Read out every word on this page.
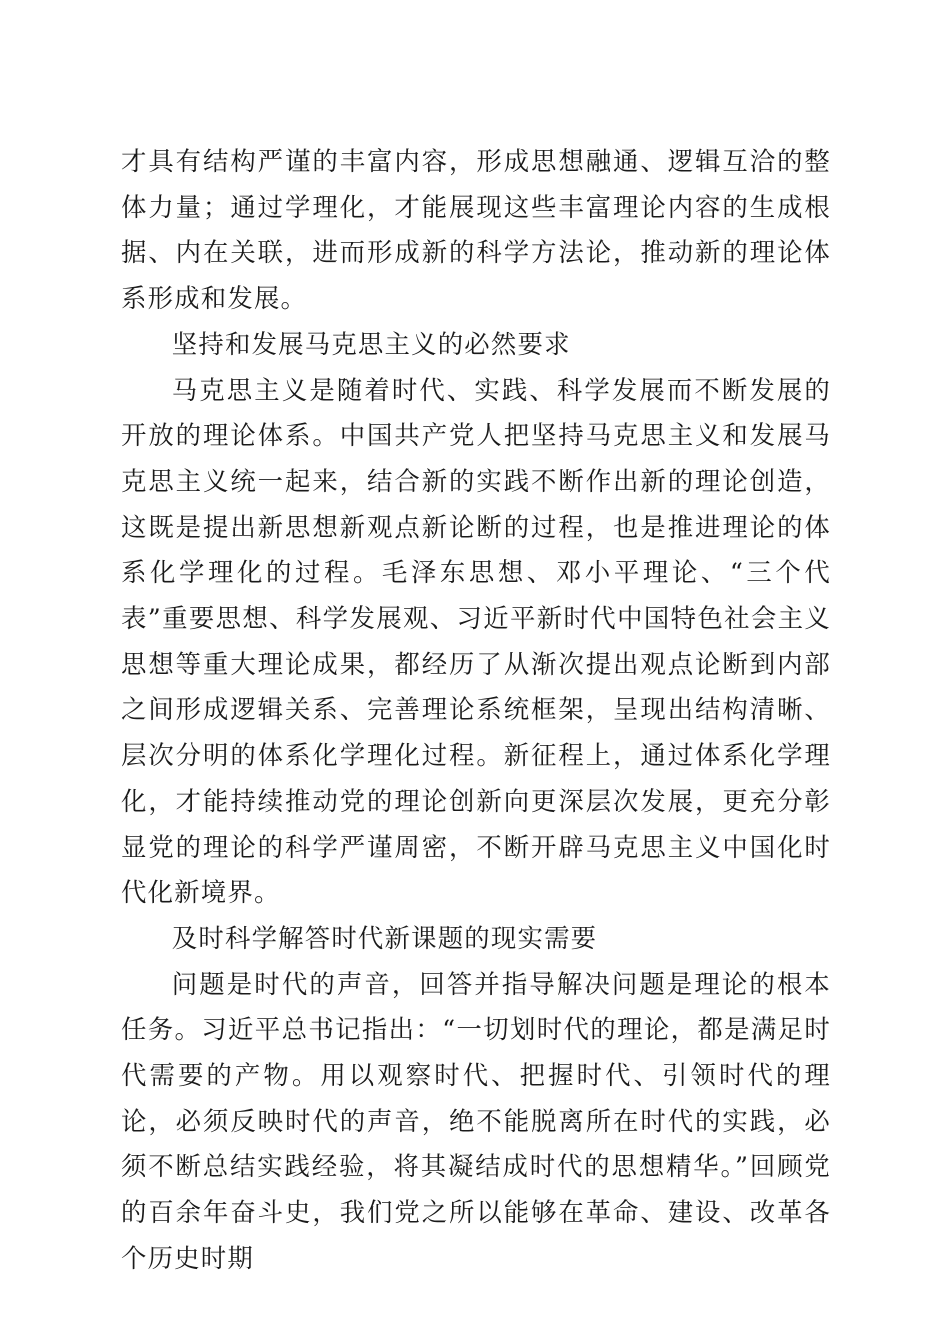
才具有结构严谨的丰富内容，形成思想融通、逻辑互洽的整体力量；通过学理化，才能展现这些丰富理论内容的生成根据、内在关联，进而形成新的科学方法论，推动新的理论体系形成和发展。

坚持和发展马克思主义的必然要求

马克思主义是随着时代、实践、科学发展而不断发展的开放的理论体系。中国共产党人把坚持马克思主义和发展马克思主义统一起来，结合新的实践不断作出新的理论创造，这既是提出新思想新观点新论断的过程，也是推进理论的体系化学理化的过程。毛泽东思想、邓小平理论、“三个代表”重要思想、科学发展观、习近平新时代中国特色社会主义思想等重大理论成果，都经历了从渐次提出观点论断到内部之间形成逻辑关系、完善理论系统框架，呈现出结构清晰、层次分明的体系化学理化过程。新征程上，通过体系化学理化，才能持续推动党的理论创新向更深层次发展，更充分彰显党的理论的科学严谨周密，不断开辟马克思主义中国化时代化新境界。

及时科学解答时代新课题的现实需要

问题是时代的声音，回答并指导解决问题是理论的根本任务。习近平总书记指出：“一切划时代的理论，都是满足时代需要的产物。用以观察时代、把握时代、引领时代的理论，必须反映时代的声音，绝不能脱离所在时代的实践，必须不断总结实践经验，将其凝结成时代的思想精华。”回顾党的百余年奋斗史，我们党之所以能够在革命、建设、改革各个历史时期
